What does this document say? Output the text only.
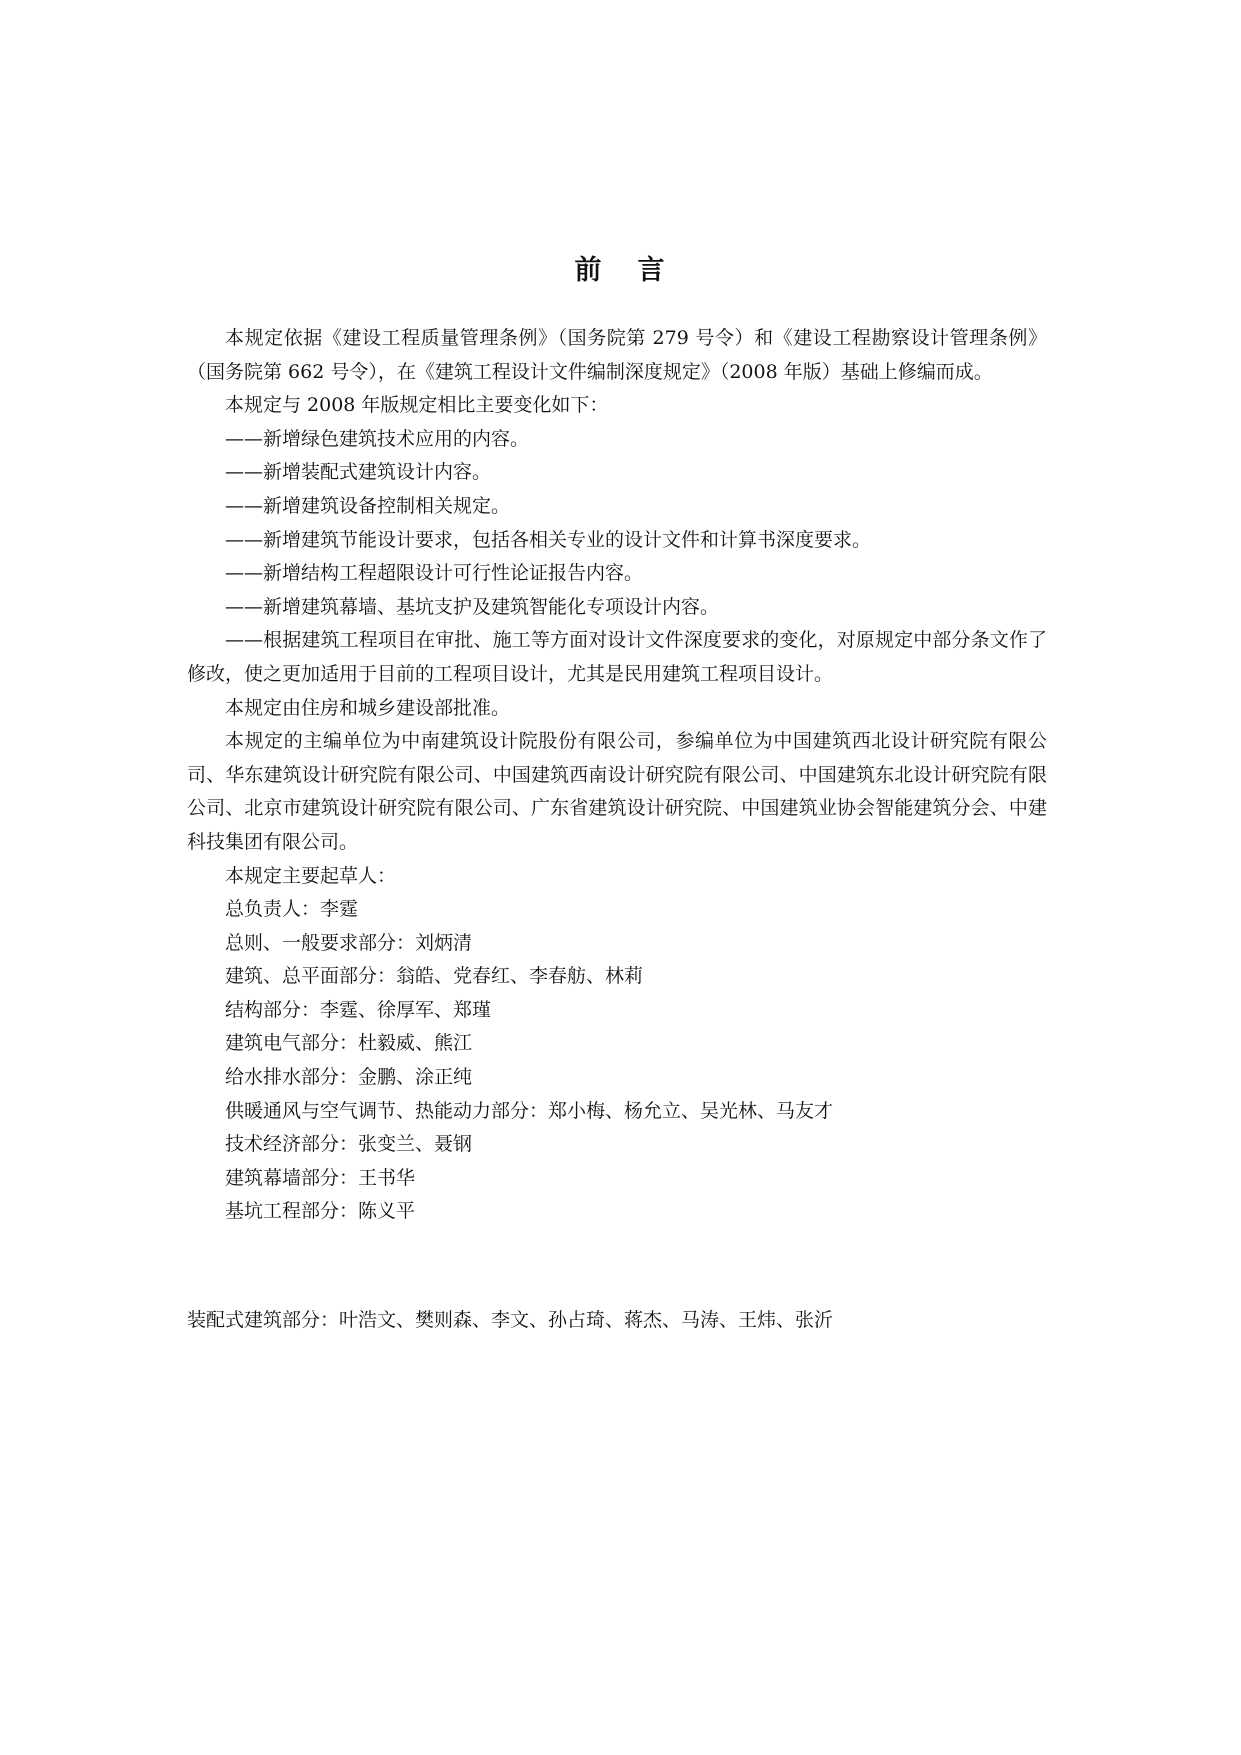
前 言

本规定依据《建设工程质量管理条例》（国务院第 279 号令）和《建设工程勘察设计管理条例》（国务院第 662 号令），在《建筑工程设计文件编制深度规定》（2008 年版）基础上修编而成。

本规定与 2008 年版规定相比主要变化如下：

——新增绿色建筑技术应用的内容。

——新增装配式建筑设计内容。

——新增建筑设备控制相关规定。

——新增建筑节能设计要求，包括各相关专业的设计文件和计算书深度要求。

——新增结构工程超限设计可行性论证报告内容。

——新增建筑幕墙、基坑支护及建筑智能化专项设计内容。

——根据建筑工程项目在审批、施工等方面对设计文件深度要求的变化，对原规定中部分条文作了修改，使之更加适用于目前的工程项目设计，尤其是民用建筑工程项目设计。

本规定由住房和城乡建设部批准。

本规定的主编单位为中南建筑设计院股份有限公司，参编单位为中国建筑西北设计研究院有限公司、华东建筑设计研究院有限公司、中国建筑西南设计研究院有限公司、中国建筑东北设计研究院有限公司、北京市建筑设计研究院有限公司、广东省建筑设计研究院、中国建筑业协会智能建筑分会、中建科技集团有限公司。

本规定主要起草人：

总负责人：李霆

总则、一般要求部分：刘炳清

建筑、总平面部分：翁皓、党春红、李春舫、林莉

结构部分：李霆、徐厚军、郑瑾

建筑电气部分：杜毅威、熊江

给水排水部分：金鹏、涂正纯

供暖通风与空气调节、热能动力部分：郑小梅、杨允立、吴光林、马友才

技术经济部分：张变兰、聂钢

建筑幕墙部分：王书华

基坑工程部分：陈义平

装配式建筑部分：叶浩文、樊则森、李文、孙占琦、蒋杰、马涛、王炜、张沂
